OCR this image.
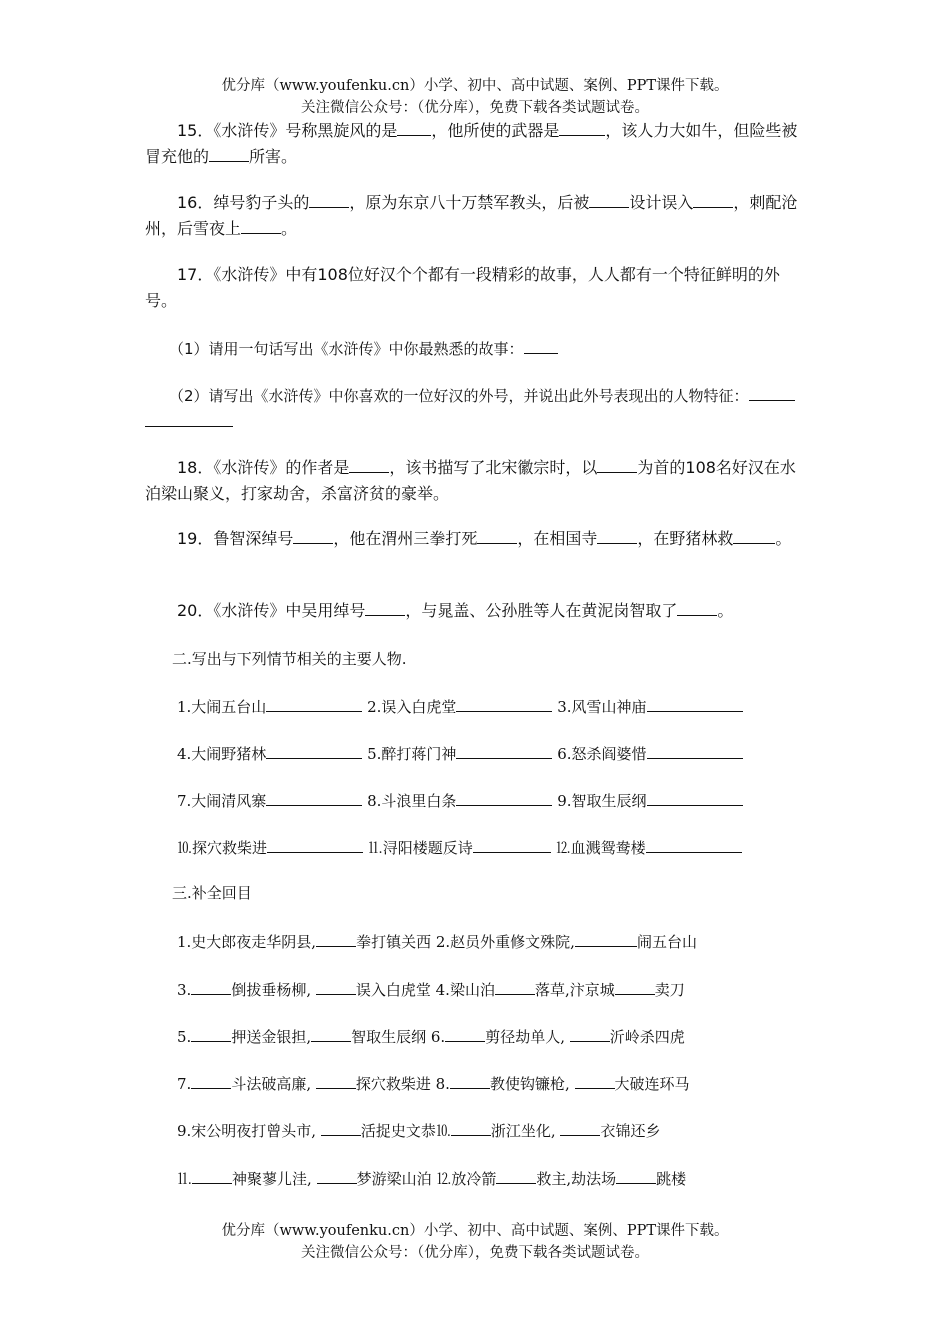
优分库（www.youfenku.cn）小学、初中、高中试题、案例、PPT课件下载。
关注微信公众号：（优分库），免费下载各类试题试卷。

15．《水浒传》号称黑旋风的是 ，他所使的武器是	，该人力大如牛，但险些被冒充他的	所害。

16．绰号豹子头的	，原为东京八十万禁军教头，后被	设计误入	，刺配沧州，后雪夜上	。

17．《水浒传》中有108位好汉个个都有一段精彩的故事，人人都有一个特征鲜明的外号。

（1）请用一句话写出《水浒传》中你最熟悉的故事：

（2）请写出《水浒传》中你喜欢的一位好汉的外号，并说出此外号表现出的人物特征：

18．《水浒传》的作者是	，该书描写了北宋徽宗时，以	为首的108名好汉在水泊梁山聚义，打家劫舍，杀富济贫的豪举。

19．鲁智深绰号	，他在渭州三拳打死	，在相国寺	，在野猪林救	。

20．《水浒传》中吴用绰号	，与晁盖、公孙胜等人在黄泥岗智取了	。

二.写出与下列情节相关的主要人物.
1.大闹五台山	2.误入白虎堂	3.风雪山神庙
4.大闹野猪林	5.醉打蒋门神	6.怒杀阎婆惜
7.大闹清风寨	8.斗浪里白条	9.智取生辰纲
⒑探穴救柴进	⒒浔阳楼题反诗	⒓血溅鸳鸯楼
三.补全回目
1.史大郎夜走华阴县,	拳打镇关西 2.赵员外重修文殊院,	闹五台山
3.	倒拔垂杨柳,	误入白虎堂 4.梁山泊	落草,汴京城	卖刀
5.	押送金银担,	智取生辰纲 6.	剪径劫单人,	沂岭杀四虎
7.	斗法破高廉,	探穴救柴进 8.	教使钩镰枪,	大破连环马
9.宋公明夜打曾头市,	活捉史文恭⒑	浙江坐化,	衣锦还乡
⒒	神聚蓼儿洼,	梦游梁山泊 ⒓放冷箭	救主,劫法场	跳楼
优分库（www.youfenku.cn）小学、初中、高中试题、案例、PPT课件下载。
关注微信公众号：（优分库），免费下载各类试题试卷。
